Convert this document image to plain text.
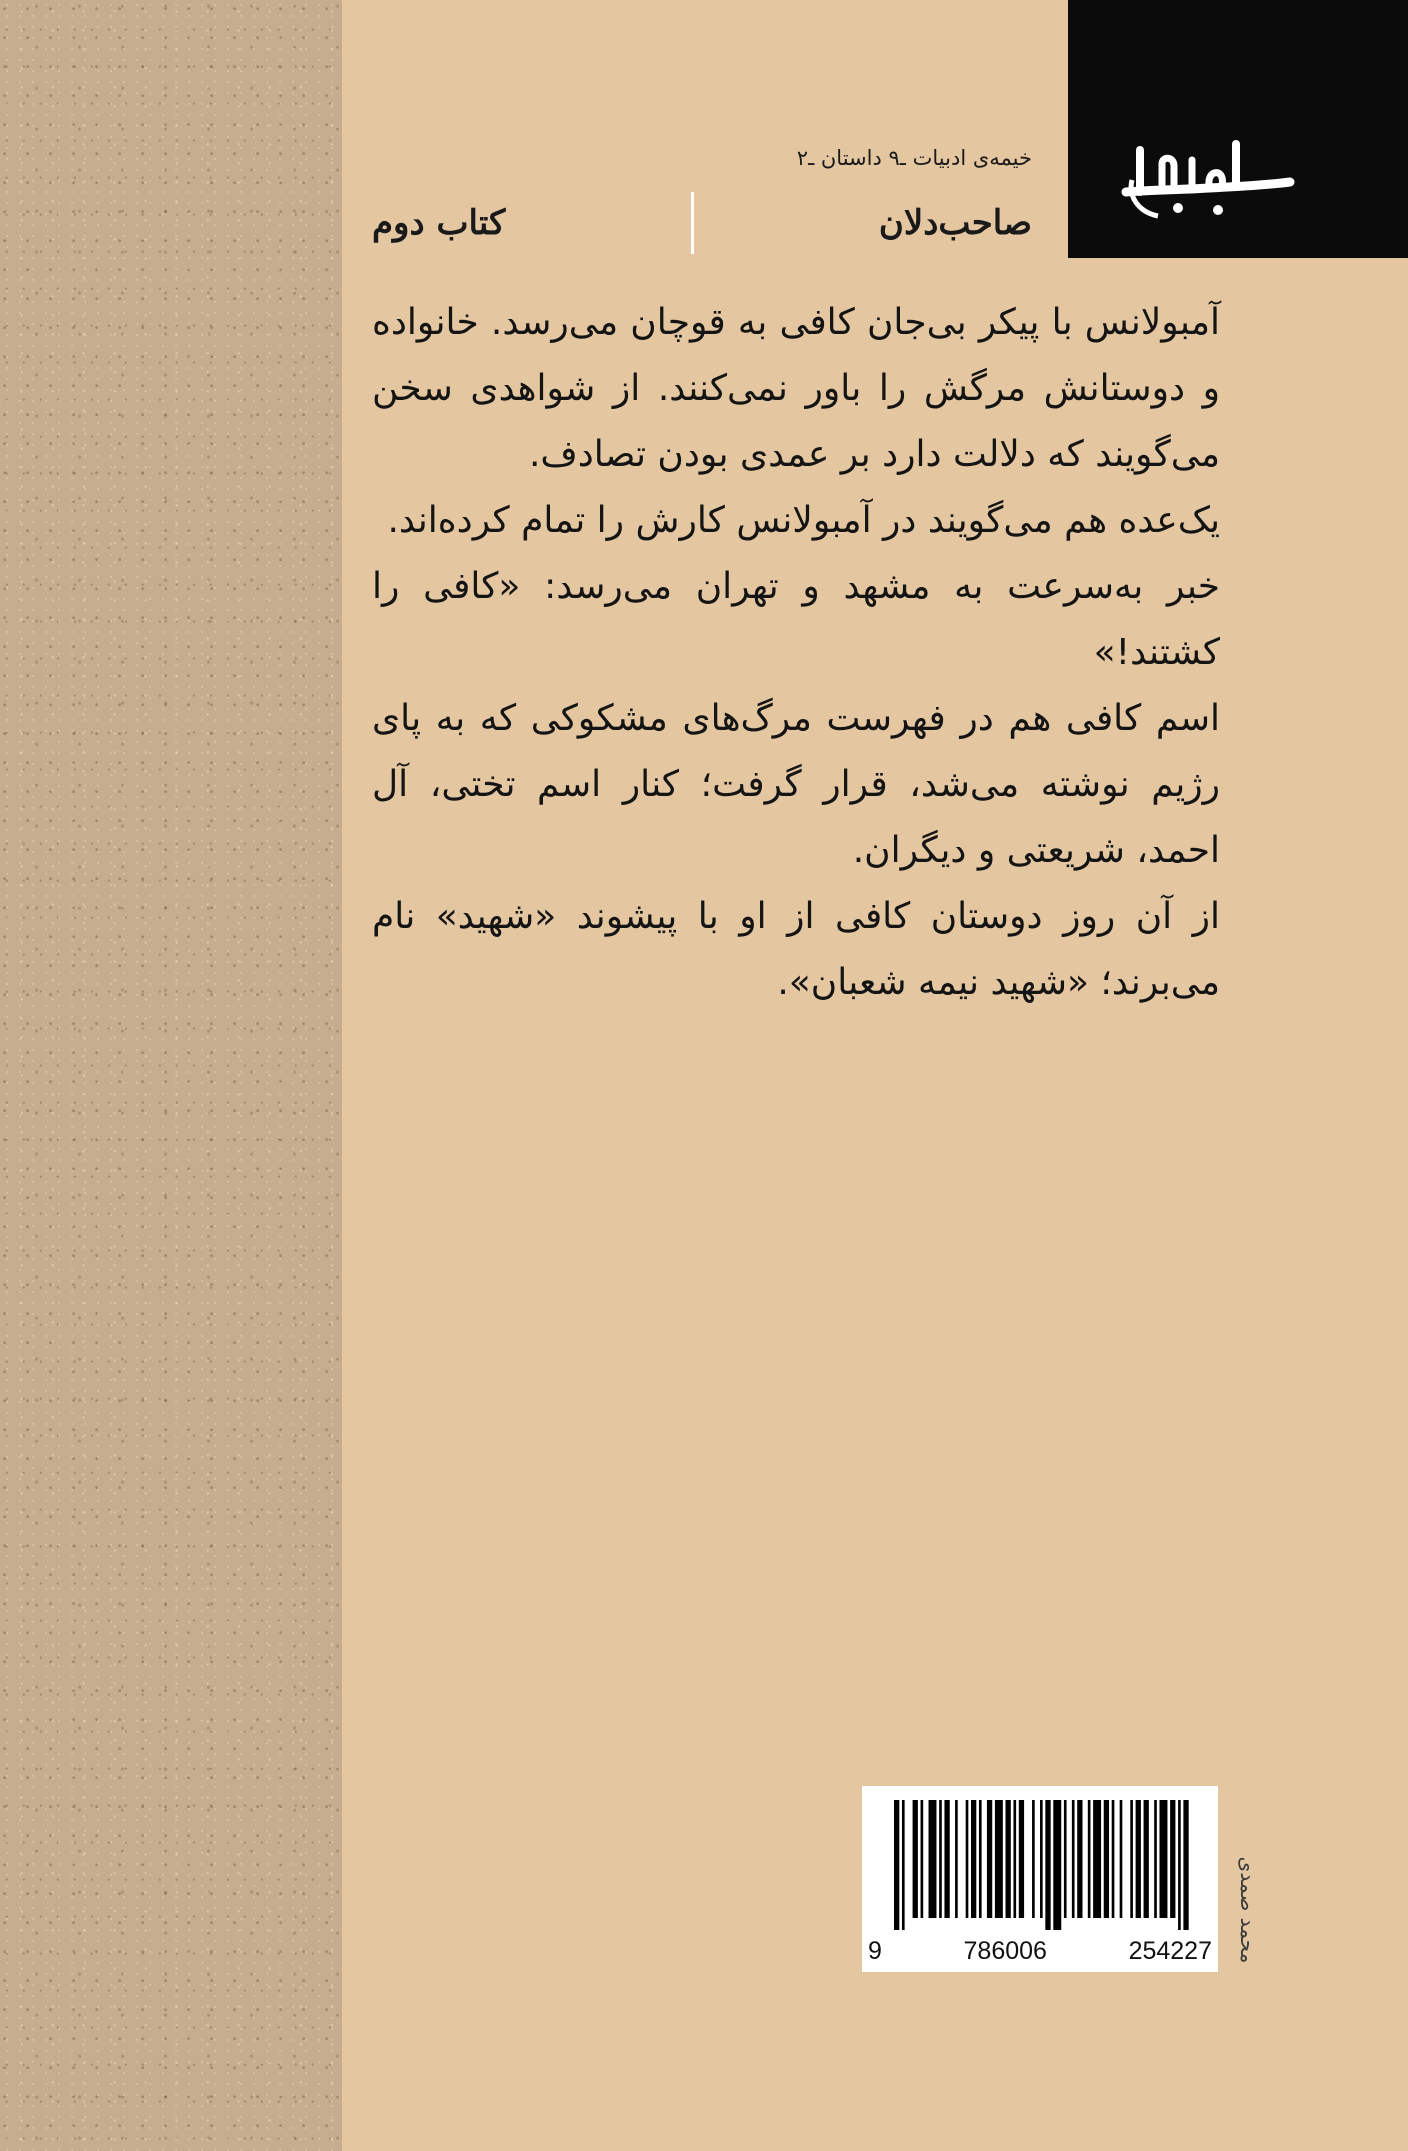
خیمه‌ی ادبیات ـ۹ داستان ـ۲
صاحب‌دلان
کتاب دوم

آمبولانس با پیکر بی‌جان کافی به قوچان می‌رسد. خانواده و دوستانش مرگش را باور نمی‌کنند. از شواهدی سخن می‌گویند که دلالت دارد بر عمدی بودن تصادف.

یک‌عده هم می‌گویند در آمبولانس کارش را تمام کرده‌اند.

خبر به‌سرعت به مشهد و تهران می‌رسد: «کافی را کشتند!»

اسم کافی هم در فهرست مرگ‌های مشکوکی که به پای رژیم نوشته می‌شد، قرار گرفت؛ کنار اسم تختی، آل احمد، شریعتی و دیگران.

از آن روز دوستان کافی از او با پیشوند «شهید» نام می‌برند؛ «شهید نیمه شعبان».

9	786006	254227 محمد صمدی
